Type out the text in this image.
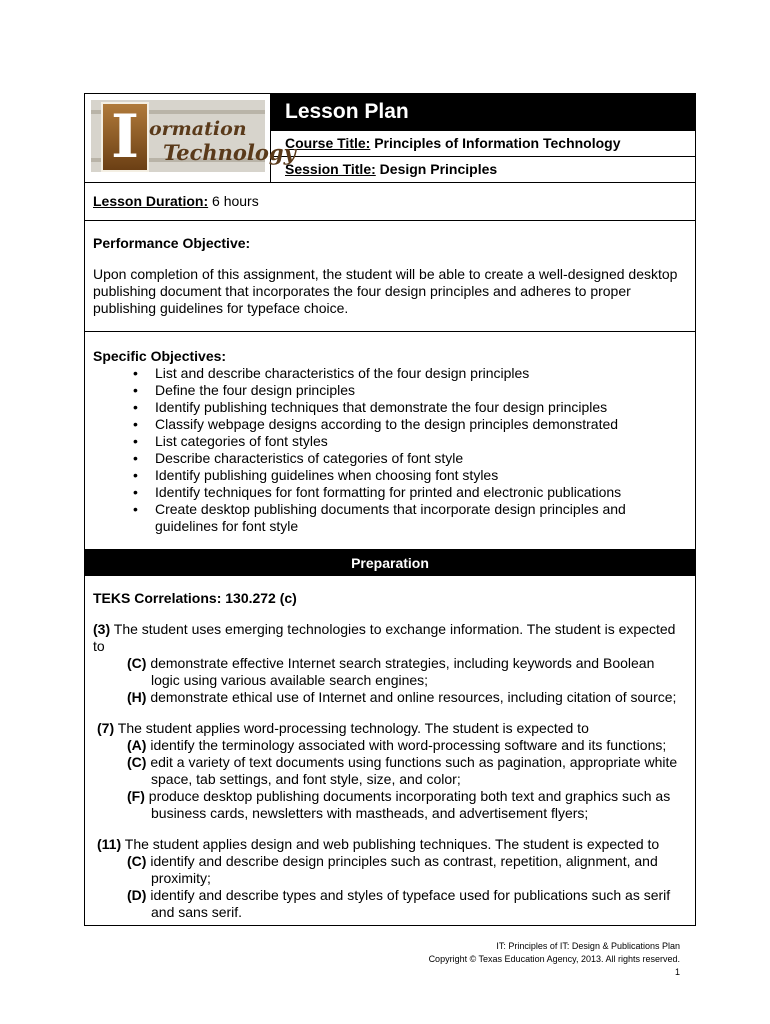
I ormation
Technology
Lesson Plan
Course Title: Principles of Information Technology
Session Title: Design Principles
Lesson Duration: 6 hours
Performance Objective:
Upon completion of this assignment, the student will be able to create a well-designed desktop publishing document that incorporates the four design principles and adheres to proper publishing guidelines for typeface choice.
Specific Objectives:
• List and describe characteristics of the four design principles
• Define the four design principles
• Identify publishing techniques that demonstrate the four design principles
• Classify webpage designs according to the design principles demonstrated
• List categories of font styles
• Describe characteristics of categories of font style
• Identify publishing guidelines when choosing font styles
• Identify techniques for font formatting for printed and electronic publications
• Create desktop publishing documents that incorporate design principles and guidelines for font style
Preparation

TEKS Correlations: 130.272 (c)

(3) The student uses emerging technologies to exchange information. The student is expected to

(C) demonstrate effective Internet search strategies, including keywords and Boolean logic using various available search engines;

(H) demonstrate ethical use of Internet and online resources, including citation of source;

(7) The student applies word-processing technology. The student is expected to

(A) identify the terminology associated with word-processing software and its functions;

(C) edit a variety of text documents using functions such as pagination, appropriate white space, tab settings, and font style, size, and color;

(F) produce desktop publishing documents incorporating both text and graphics such as business cards, newsletters with mastheads, and advertisement flyers;

(11) The student applies design and web publishing techniques. The student is expected to

(C) identify and describe design principles such as contrast, repetition, alignment, and proximity;

(D) identify and describe types and styles of typeface used for publications such as serif and sans serif.

IT: Principles of IT: Design & Publications Plan
Copyright © Texas Education Agency, 2013. All rights reserved.
1
